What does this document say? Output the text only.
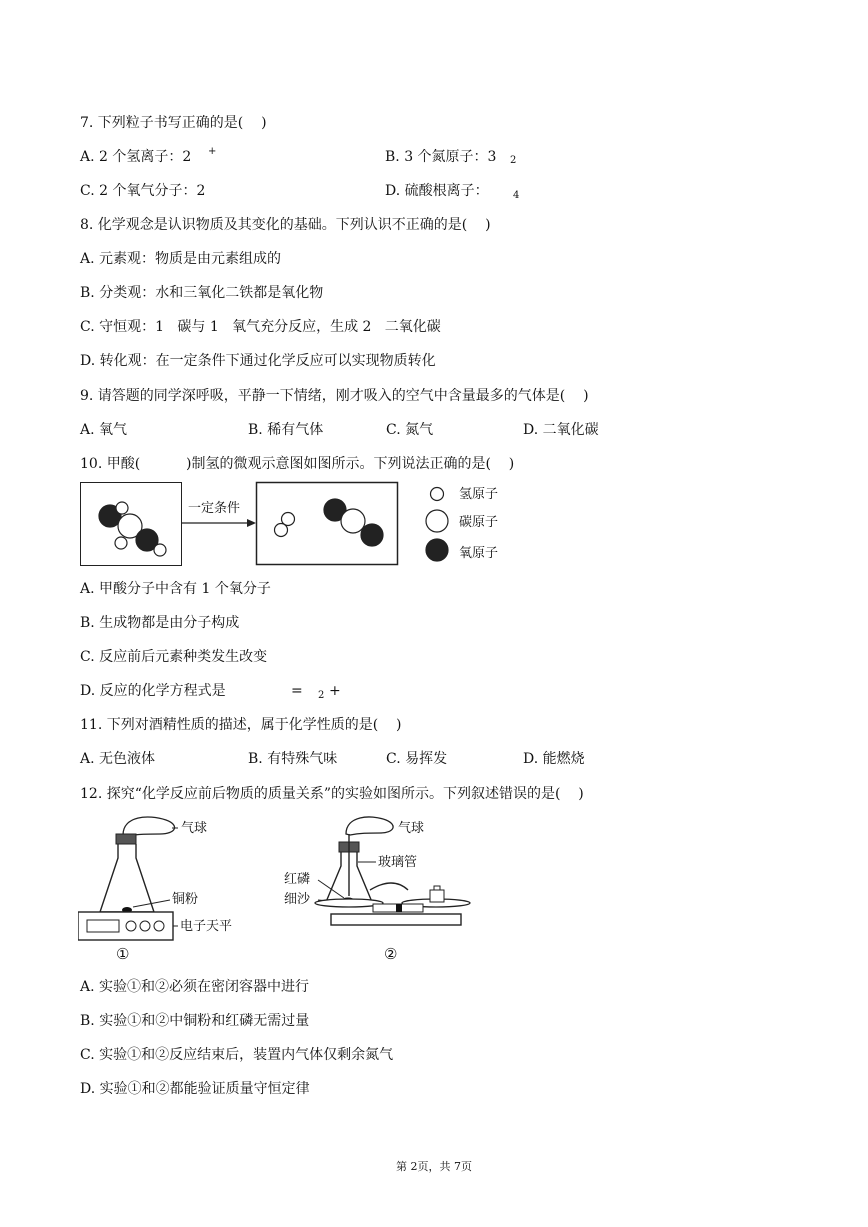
7. 下列粒子书写正确的是(    )
A. 2 个氢离子：2 +	B. 3 个氮原子：3 2
C. 2 个氧气分子：2	D. 硫酸根离子： 4
8. 化学观念是认识物质及其变化的基础。下列认识不正确的是(    )
A. 元素观：物质是由元素组成的
B. 分类观：水和三氧化二铁都是氧化物
C. 守恒观：1   碳与 1   氧气充分反应，生成 2   二氧化碳
D. 转化观：在一定条件下通过化学反应可以实现物质转化
9. 请答题的同学深呼吸，平静一下情绪，刚才吸入的空气中含量最多的气体是(    )
A. 氧气	B. 稀有气体	C. 氮气	D. 二氧化碳
10. 甲酸(	)制氢的微观示意图如图所示。下列说法正确的是(    )
一定条件
氢原子
碳原子
氧原子
A. 甲酸分子中含有 1 个氧分子
B. 生成物都是由分子构成
C. 反应前后元素种类发生改变
D. 反应的化学方程式是	= 2 +
11. 下列对酒精性质的描述，属于化学性质的是(    )
A. 无色液体	B. 有特殊气味	C. 易挥发	D. 能燃烧
12. 探究“化学反应前后物质的质量关系”的实验如图所示。下列叙述错误的是(    )
气球
铜粉
电子天平
①
气球
玻璃管
红磷
细沙
②
A. 实验①和②必须在密闭容器中进行
B. 实验①和②中铜粉和红磷无需过量
C. 实验①和②反应结束后，装置内气体仅剩余氮气
D. 实验①和②都能验证质量守恒定律
第 2页，共 7页
